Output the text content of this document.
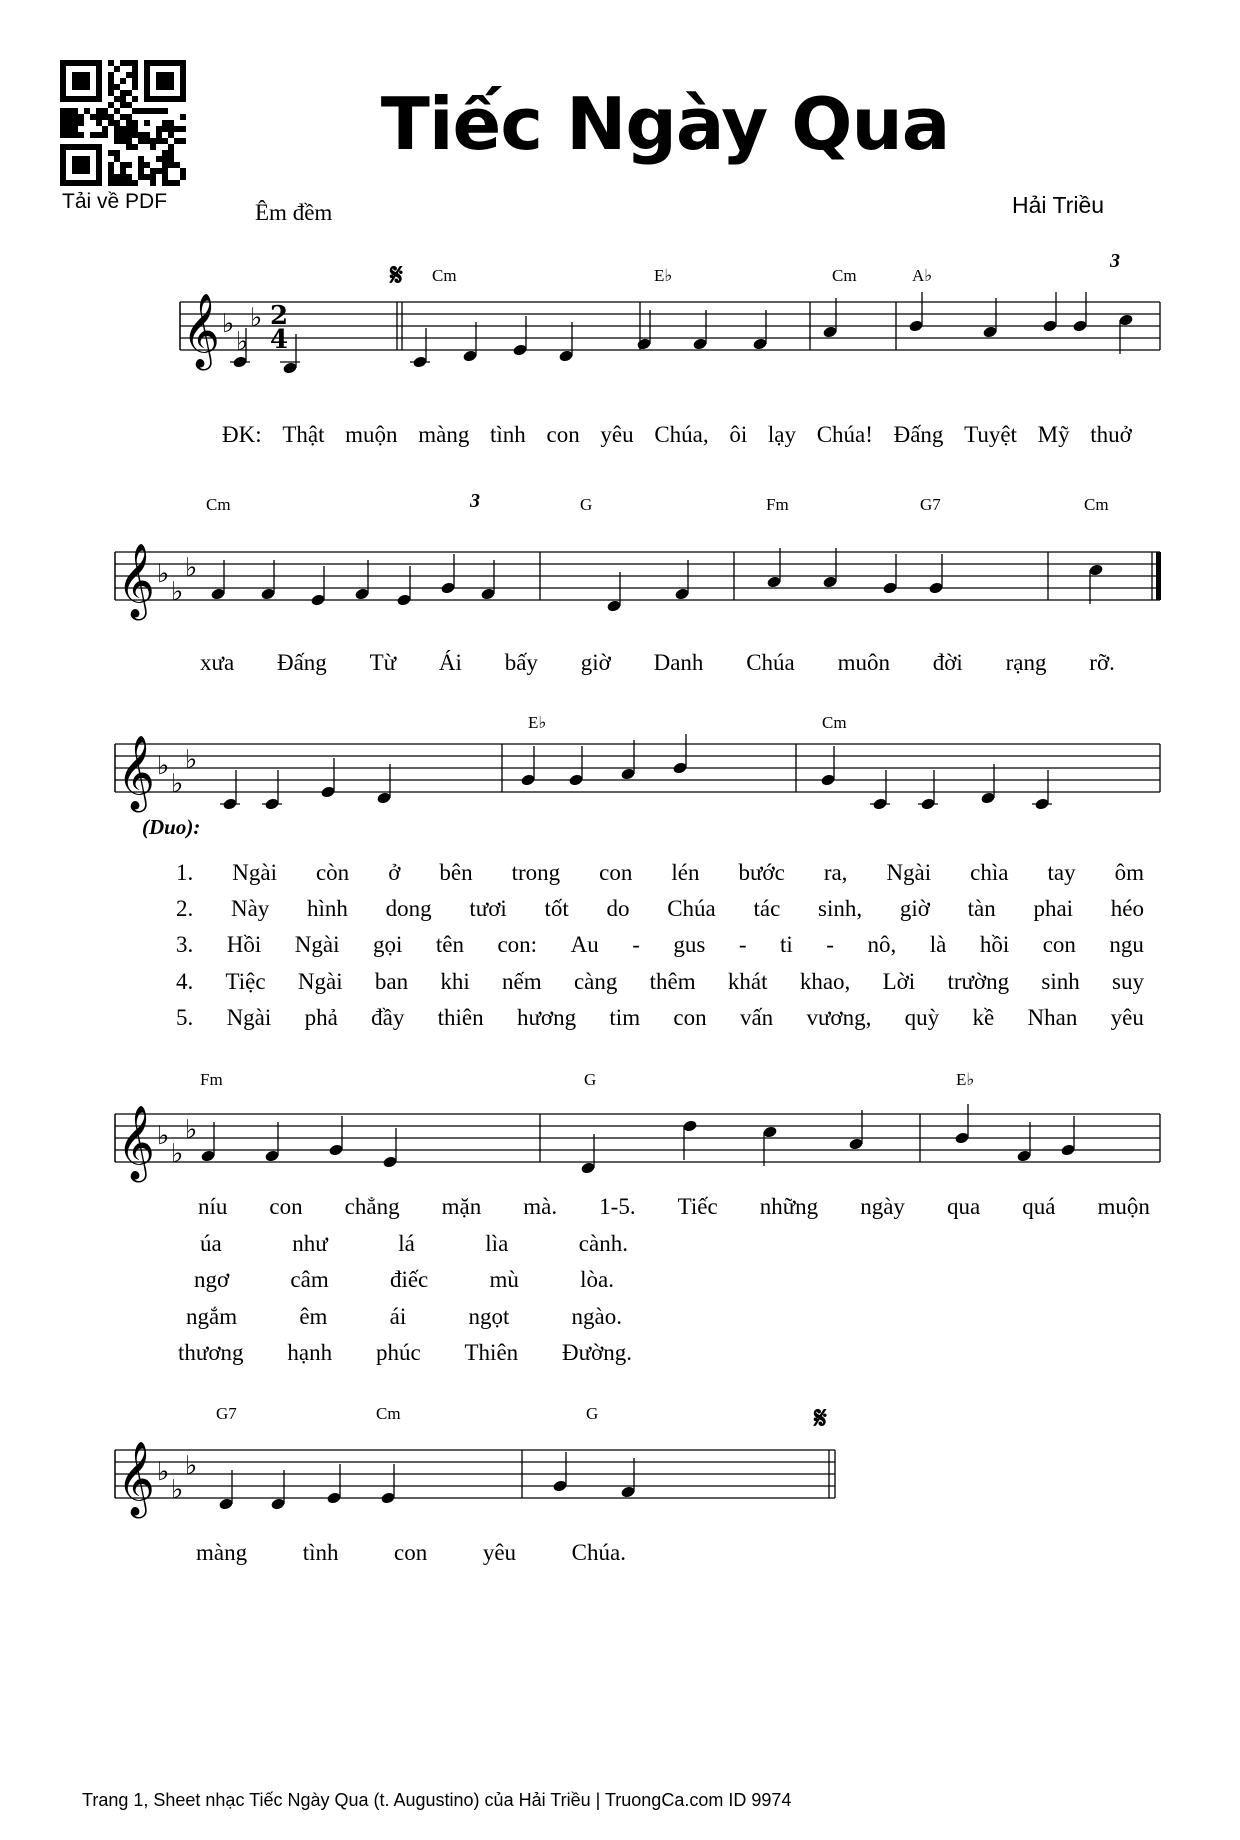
Tải về PDF
Tiếc Ngày Qua
Êm đềm	Hải Triều
𝄞 ♭
♭
♭ 2
4
𝄞 ♭
♭
♭
𝄞 ♭
♭
♭
𝄞 ♭
♭
♭
𝄞 ♭
♭
♭
𝄋
𝄋
Cm	E♭	Cm	A♭
3
ĐK: Thật muộn màng tình con yêu Chúa, ôi lạy Chúa! Đấng Tuyệt Mỹ thuở
Cm	G	Fm	G7	Cm
3
xưa Đấng Từ Ái bấy giờ Danh Chúa muôn đời rạng rỡ.
E♭	Cm
(Duo):
1. Ngài còn ở bên trong con lén bước ra, Ngài chìa tay ôm
2. Này hình dong tươi tốt do Chúa tác sinh, giờ tàn phai héo
3. Hồi Ngài gọi tên con: Au - gus - ti - nô, là hồi con ngu
4. Tiệc Ngài ban khi nếm càng thêm khát khao, Lời trường sinh suy
5. Ngài phả đầy thiên hương tim con vấn vương, quỳ kề Nhan yêu
Fm	G	E♭
níu con chẳng mặn mà. 1-5. Tiếc những ngày qua quá muộn
úa	như	lá	lìa	cành.
ngơ	câm	điếc	mù	lòa.
ngắm	êm	ái	ngọt	ngào.
thương hạnh phúc Thiên Đường.
G7	Cm	G
màng tình con yêu Chúa.
Trang 1, Sheet nhạc Tiếc Ngày Qua (t. Augustino) của Hải Triều | TruongCa.com ID 9974
